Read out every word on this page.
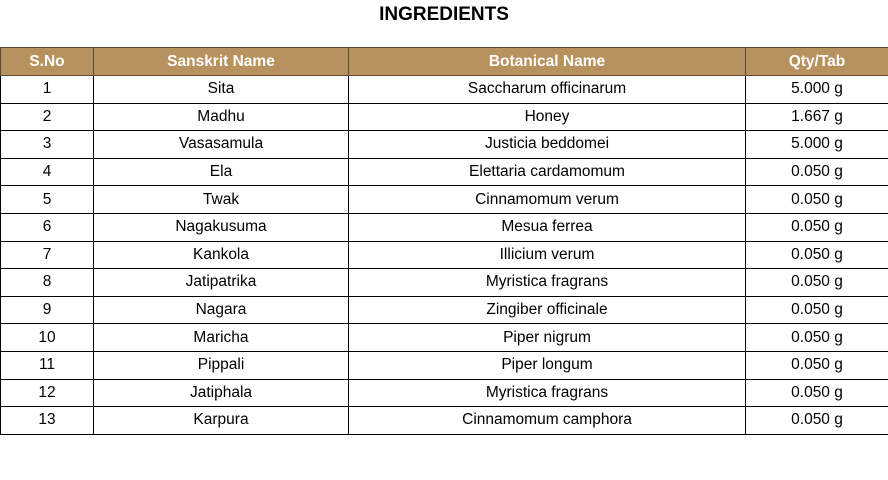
INGREDIENTS
S.No	Sanskrit Name	Botanical Name	Qty/Tab
1	Sita	Saccharum officinarum	5.000 g
2	Madhu	Honey	1.667 g
3	Vasasamula	Justicia beddomei	5.000 g
4	Ela	Elettaria cardamomum	0.050 g
5	Twak	Cinnamomum verum	0.050 g
6	Nagakusuma	Mesua ferrea	0.050 g
7	Kankola	Illicium verum	0.050 g
8	Jatipatrika	Myristica fragrans	0.050 g
9	Nagara	Zingiber officinale	0.050 g
10	Maricha	Piper nigrum	0.050 g
11	Pippali	Piper longum	0.050 g
12	Jatiphala	Myristica fragrans	0.050 g
13	Karpura	Cinnamomum camphora	0.050 g
